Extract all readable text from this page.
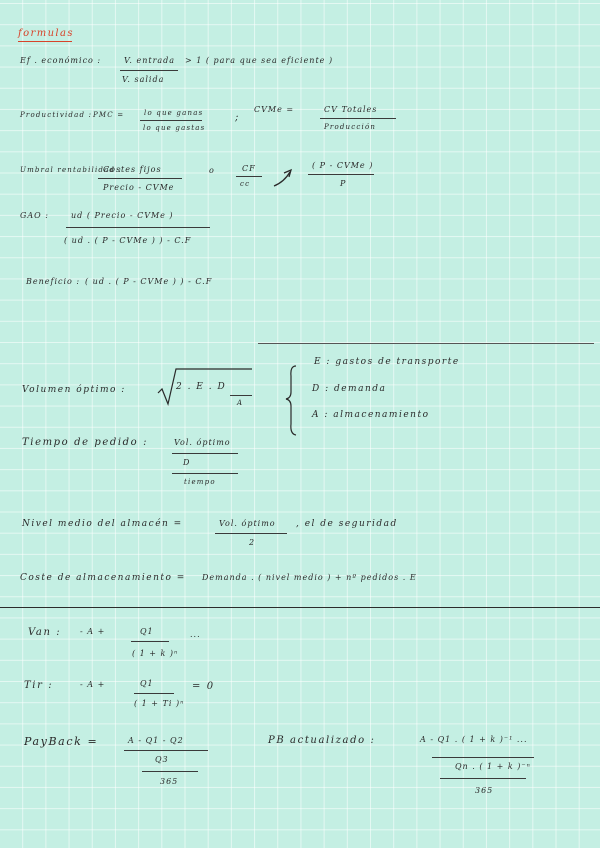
formulas
Ef . económico :	V. entrada
V. salida
> 1 ( para que sea eficiente )
Productividad : PMC =	lo que ganas
lo que gastas
;
CVMe =	CV Totales
Producción
Umbral rentabilidad :
Costes fijos
Precio - CVMe
o	CF
cc
( P - CVMe )
P
GAO :	ud ( Precio - CVMe )
( ud . ( P - CVMe ) ) - C.F
Beneficio : ( ud . ( P - CVMe ) ) - C.F
Volumen óptimo :	2 . E . D
A
E : gastos de transporte
D : demanda
A : almacenamiento
Tiempo de pedido :	Vol. óptimo
D
tiempo
Nivel medio del almacén =	Vol. óptimo
2
, el de seguridad
Coste de almacenamiento = Demanda . ( nivel medio ) + nº pedidos . E
Van : - A +	Q1
( 1 + k )ⁿ
...
Tir :	- A +	Q1
( 1 + Ti )ⁿ
= 0
PayBack =	A - Q1 - Q2
Q3
365
PB actualizado :	A - Q1 . ( 1 + k )⁻¹ ...
Qn . ( 1 + k )⁻ⁿ
365
